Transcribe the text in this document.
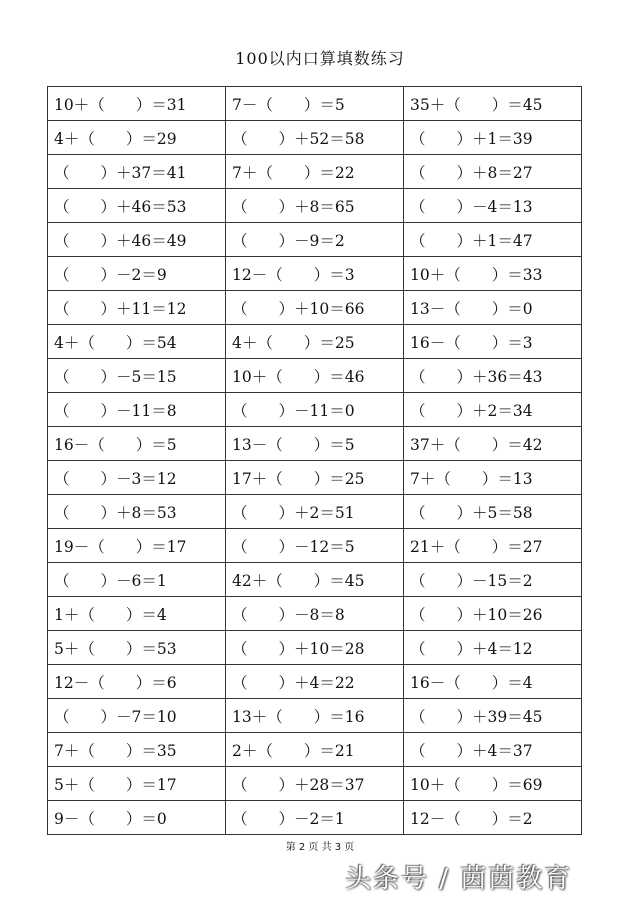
100以内口算填数练习
10＋（　　）＝31	7－（　　）＝5	35＋（　　）＝45
4＋（　　）＝29	（　　）＋52＝58	（　　）＋1＝39
（　　）＋37＝41	7＋（　　）＝22	（　　）＋8＝27
（　　）＋46＝53	（　　）＋8＝65	（　　）－4＝13
（　　）＋46＝49	（　　）－9＝2	（　　）＋1＝47
（　　）－2＝9	12－（　　）＝3	10＋（　　）＝33
（　　）＋11＝12	（　　）＋10＝66	13－（　　）＝0
4＋（　　）＝54	4＋（　　）＝25	16－（　　）＝3
（　　）－5＝15	10＋（　　）＝46	（　　）＋36＝43
（　　）－11＝8	（　　）－11＝0	（　　）＋2＝34
16－（　　）＝5	13－（　　）＝5	37＋（　　）＝42
（　　）－3＝12	17＋（　　）＝25	7＋（　　）＝13
（　　）＋8＝53	（　　）＋2＝51	（　　）＋5＝58
19－（　　）＝17	（　　）－12＝5	21＋（　　）＝27
（　　）－6＝1	42＋（　　）＝45	（　　）－15＝2
1＋（　　）＝4	（　　）－8＝8	（　　）＋10＝26
5＋（　　）＝53	（　　）＋10＝28	（　　）＋4＝12
12－（　　）＝6	（　　）＋4＝22	16－（　　）＝4
（　　）－7＝10	13＋（　　）＝16	（　　）＋39＝45
7＋（　　）＝35	2＋（　　）＝21	（　　）＋4＝37
5＋（　　）＝17	（　　）＋28＝37	10＋（　　）＝69
9－（　　）＝0	（　　）－2＝1	12－（　　）＝2
第 2 页 共 3 页
头条号 / 茵茵教育
